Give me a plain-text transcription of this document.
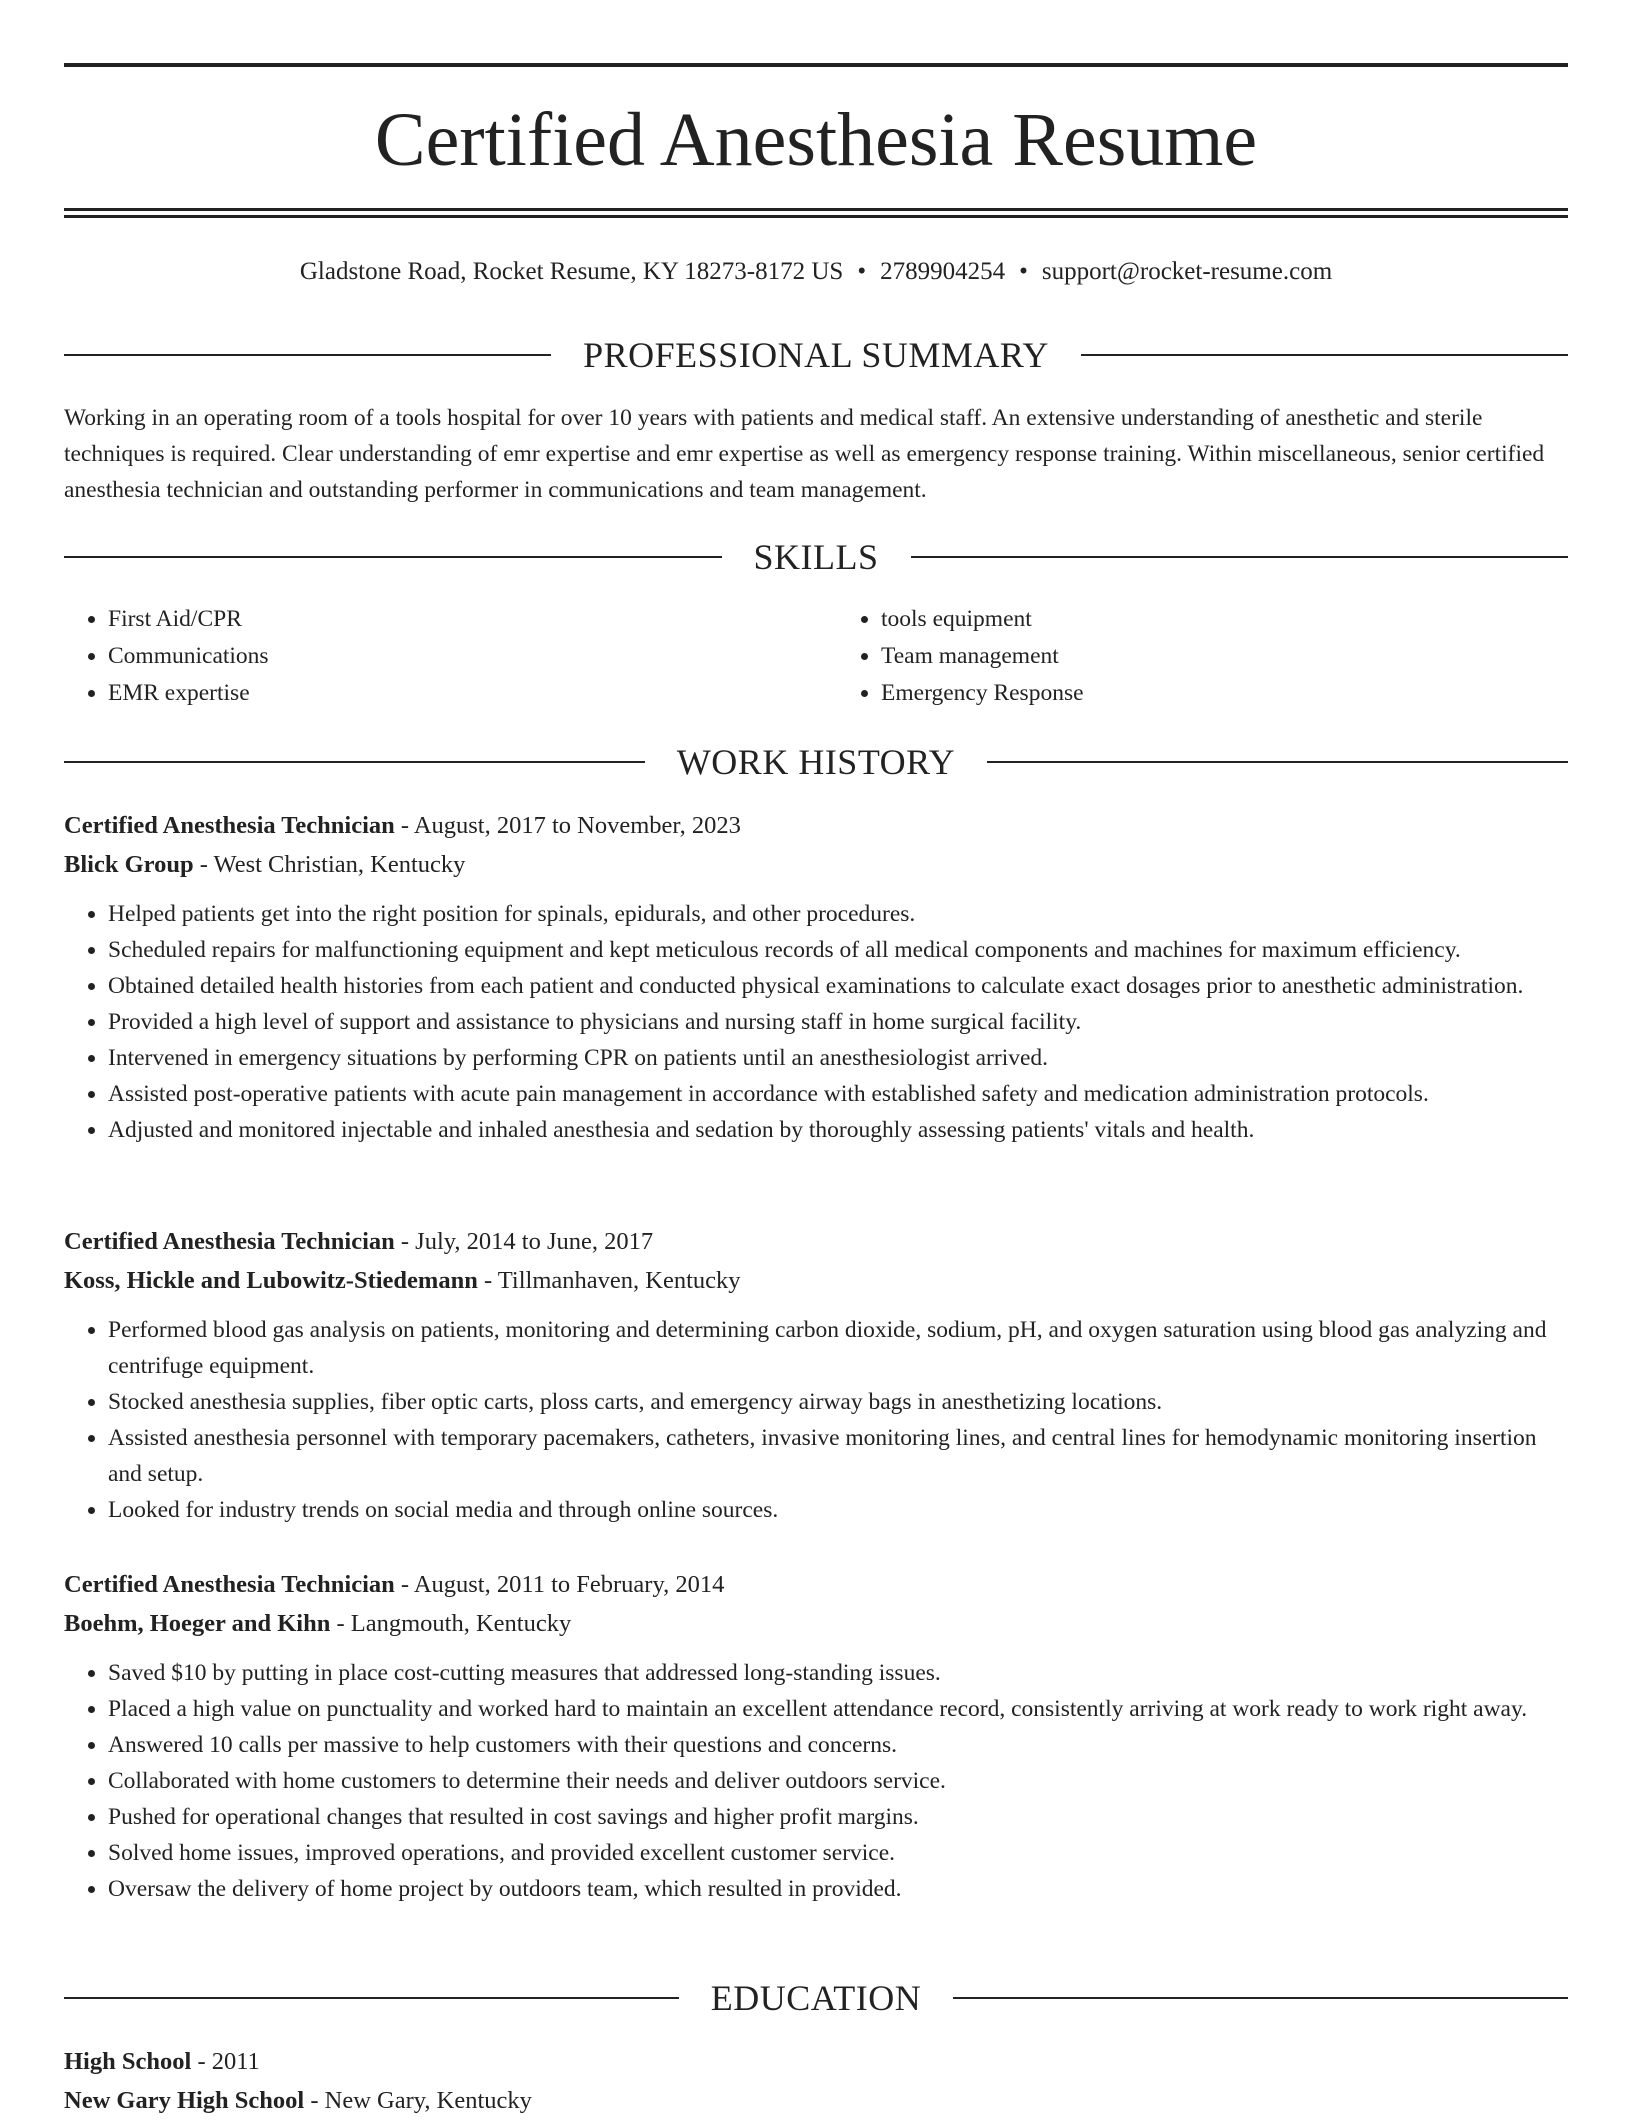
Certified Anesthesia Resume
Gladstone Road, Rocket Resume, KY 18273-8172 US • 2789904254 • support@rocket-resume.com
PROFESSIONAL SUMMARY
Working in an operating room of a tools hospital for over 10 years with patients and medical staff. An extensive understanding of anesthetic and sterile techniques is required. Clear understanding of emr expertise and emr expertise as well as emergency response training. Within miscellaneous, senior certified anesthesia technician and outstanding performer in communications and team management.
SKILLS
• First Aid/CPR
• Communications
• EMR expertise
• tools equipment
• Team management
• Emergency Response
WORK HISTORY
Certified Anesthesia Technician - August, 2017 to November, 2023
Blick Group - West Christian, Kentucky
• Helped patients get into the right position for spinals, epidurals, and other procedures.
• Scheduled repairs for malfunctioning equipment and kept meticulous records of all medical components and machines for maximum efficiency.
• Obtained detailed health histories from each patient and conducted physical examinations to calculate exact dosages prior to anesthetic administration.
• Provided a high level of support and assistance to physicians and nursing staff in home surgical facility.
• Intervened in emergency situations by performing CPR on patients until an anesthesiologist arrived.
• Assisted post-operative patients with acute pain management in accordance with established safety and medication administration protocols.
• Adjusted and monitored injectable and inhaled anesthesia and sedation by thoroughly assessing patients' vitals and health.
Certified Anesthesia Technician - July, 2014 to June, 2017
Koss, Hickle and Lubowitz-Stiedemann - Tillmanhaven, Kentucky
• Performed blood gas analysis on patients, monitoring and determining carbon dioxide, sodium, pH, and oxygen saturation using blood gas analyzing and centrifuge equipment.
• Stocked anesthesia supplies, fiber optic carts, ploss carts, and emergency airway bags in anesthetizing locations.
• Assisted anesthesia personnel with temporary pacemakers, catheters, invasive monitoring lines, and central lines for hemodynamic monitoring insertion and setup.
• Looked for industry trends on social media and through online sources.
Certified Anesthesia Technician - August, 2011 to February, 2014
Boehm, Hoeger and Kihn - Langmouth, Kentucky
• Saved $10 by putting in place cost-cutting measures that addressed long-standing issues.
• Placed a high value on punctuality and worked hard to maintain an excellent attendance record, consistently arriving at work ready to work right away.
• Answered 10 calls per massive to help customers with their questions and concerns.
• Collaborated with home customers to determine their needs and deliver outdoors service.
• Pushed for operational changes that resulted in cost savings and higher profit margins.
• Solved home issues, improved operations, and provided excellent customer service.
• Oversaw the delivery of home project by outdoors team, which resulted in provided.
EDUCATION
High School - 2011
New Gary High School - New Gary, Kentucky
